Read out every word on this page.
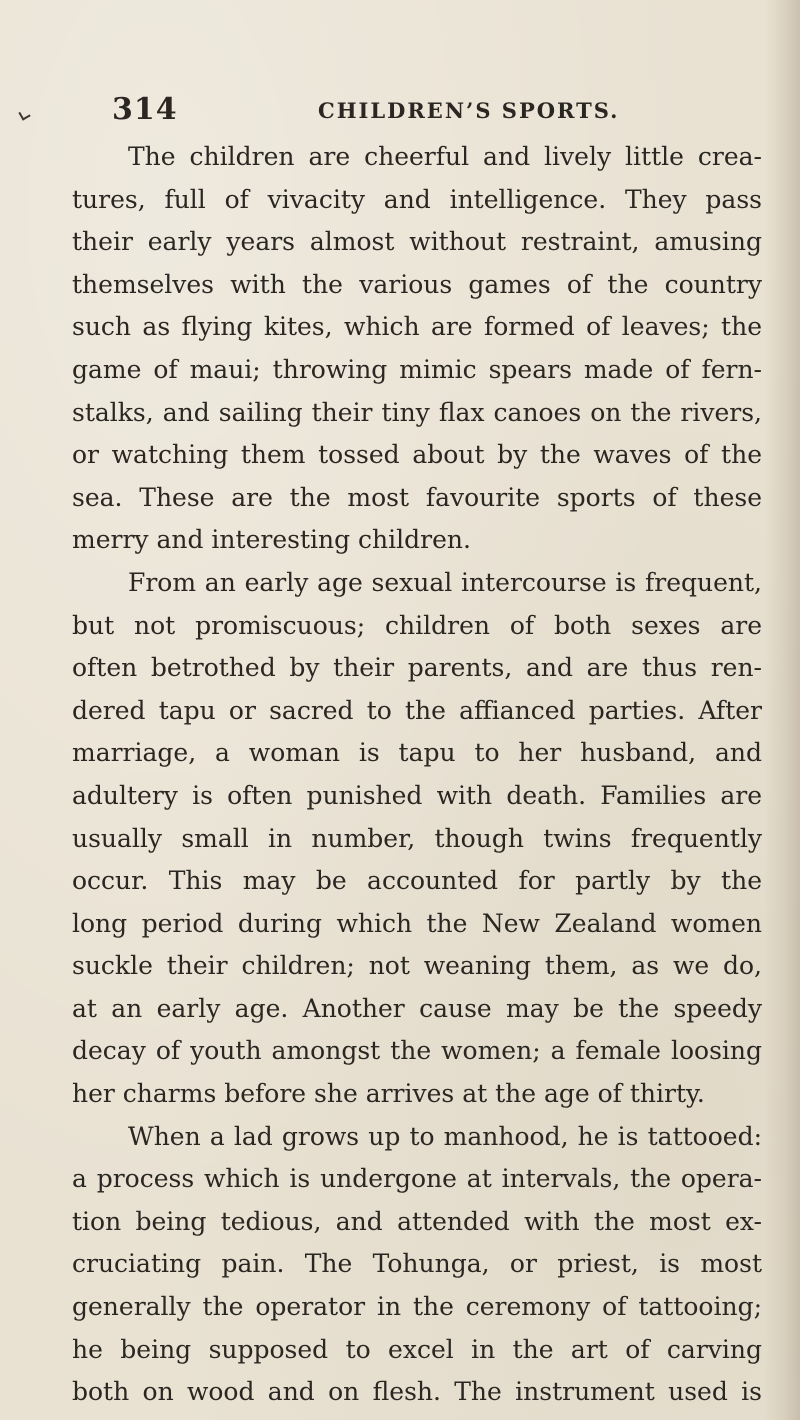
314	CHILDREN’S SPORTS.
The children are cheerful and lively little crea-
tures, full of vivacity and intelligence. They pass
their early years almost without restraint, amusing
themselves with the various games of the country
such as flying kites, which are formed of leaves; the
game of maui; throwing mimic spears made of fern-
stalks, and sailing their tiny flax canoes on the rivers,
or watching them tossed about by the waves of the
sea. These are the most favourite sports of these
merry and interesting children.
From an early age sexual intercourse is frequent,
but not promiscuous; children of both sexes are
often betrothed by their parents, and are thus ren-
dered tapu or sacred to the affianced parties. After
marriage, a woman is tapu to her husband, and
adultery is often punished with death. Families are
usually small in number, though twins frequently
occur. This may be accounted for partly by the
long period during which the New Zealand women
suckle their children; not weaning them, as we do,
at an early age. Another cause may be the speedy
decay of youth amongst the women; a female loosing
her charms before she arrives at the age of thirty.
When a lad grows up to manhood, he is tattooed:
a process which is undergone at intervals, the opera-
tion being tedious, and attended with the most ex-
cruciating pain. The Tohunga, or priest, is most
generally the operator in the ceremony of tattooing;
he being supposed to excel in the art of carving
both on wood and on flesh. The instrument used is
